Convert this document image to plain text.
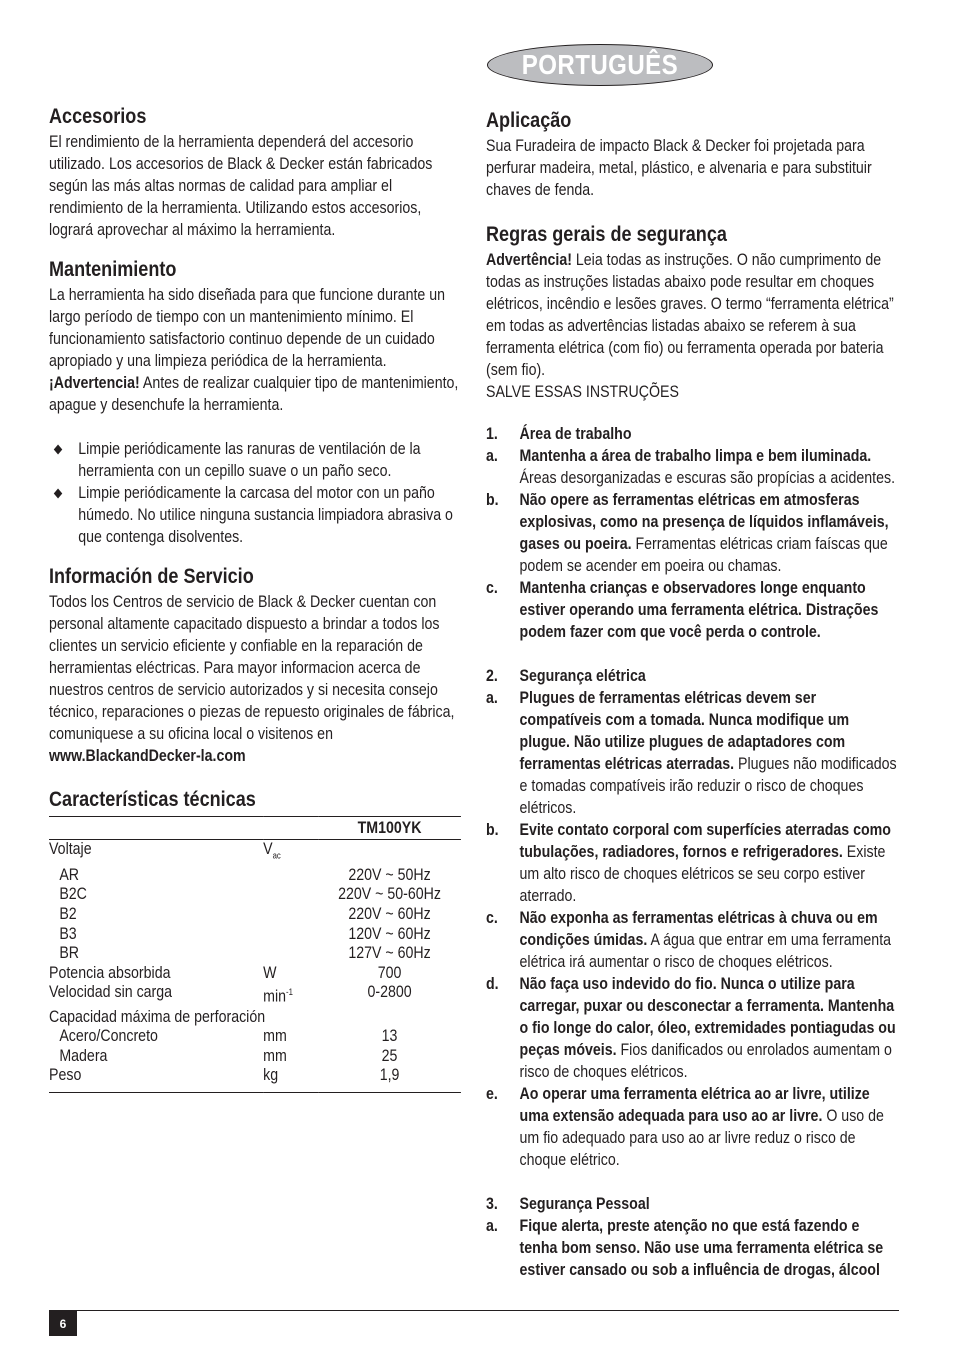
PORTUGUÊS
Accesorios

El rendimiento de la herramienta dependerá del accesorio utilizado. Los accesorios de Black & Decker están fabricados según las más altas normas de calidad para ampliar el rendimiento de la herramienta. Utilizando estos accesorios, logrará aprovechar al máximo la herramienta.

Mantenimiento

La herramienta ha sido diseñada para que funcione durante un largo período de tiempo con un mantenimiento mínimo. El funcionamiento satisfactorio continuo depende de un cuidado apropiado y una limpieza periódica de la herramienta.

¡Advertencia! Antes de realizar cualquier tipo de mantenimiento, apague y desenchufe la herramienta.

Limpie periódicamente las ranuras de ventilación de la herramienta con un cepillo suave o un paño seco.
Limpie periódicamente la carcasa del motor con un paño húmedo. No utilice ninguna sustancia limpiadora abrasiva o que contenga disolventes.
Información de Servicio

Todos los Centros de servicio de Black & Decker cuentan con personal altamente capacitado dispuesto a brindar a todos los clientes un servicio eficiente y confiable en la reparación de herramientas eléctricas. Para mayor informacion acerca de nuestros centros de servicio autorizados y si necesita consejo técnico, reparaciones o piezas de repuesto originales de fábrica, comuniquese a su oficina local o visitenos en

www.BlackandDecker-la.com

Características técnicas
		TM100YK
Voltaje	$V_{ac}$	
AR		220V ~ 50Hz
B2C		220V ~ 50-60Hz
B2		220V ~ 60Hz
B3		120V ~ 60Hz
BR		127V ~ 60Hz
Potencia absorbida	W	700
Velocidad sin carga	$\min^{-1}$	0-2800
Capacidad máxima de perforación		
Acero/Concreto	mm	13
Madera	mm	25
Peso	kg	1,9
Aplicação

Sua Furadeira de impacto Black & Decker foi projetada para perfurar madeira, metal, plástico, e alvenaria e para substituir chaves de fenda.

Regras gerais de segurança

Advertência! Leia todas as instruções. O não cumprimento de todas as instruções listadas abaixo pode resultar em choques elétricos, incêndio e lesões graves. O termo “ferramenta elétrica” em todas as advertências listadas abaixo se referem à sua ferramenta elétrica (com fio) ou ferramenta operada por bateria (sem fio).

SALVE ESSAS INSTRUÇÕES

1. Área de trabalho
a. Mantenha a área de trabalho limpa e bem iluminada. Áreas desorganizadas e escuras são propícias a acidentes.
b. Não opere as ferramentas elétricas em atmosferas explosivas, como na presença de líquidos inflamáveis, gases ou poeira. Ferramentas elétricas criam faíscas que podem se acender em poeira ou chamas.
c. Mantenha crianças e observadores longe enquanto estiver operando uma ferramenta elétrica. Distrações podem fazer com que você perda o controle.
2. Segurança elétrica
a. Plugues de ferramentas elétricas devem ser compatíveis com a tomada. Nunca modifique um plugue. Não utilize plugues de adaptadores com ferramentas elétricas aterradas. Plugues não modificados e tomadas compatíveis irão reduzir o risco de choques elétricos.
b. Evite contato corporal com superfícies aterradas como tubulações, radiadores, fornos e refrigeradores. Existe um alto risco de choques elétricos se seu corpo estiver aterrado.
c. Não exponha as ferramentas elétricas à chuva ou em condições úmidas. A água que entrar em uma ferramenta elétrica irá aumentar o risco de choques elétricos.
d. Não faça uso indevido do fio. Nunca o utilize para carregar, puxar ou desconectar a ferramenta. Mantenha o fio longe do calor, óleo, extremidades pontiagudas ou peças móveis. Fios danificados ou enrolados aumentam o risco de choques elétricos.
e. Ao operar uma ferramenta elétrica ao ar livre, utilize uma extensão adequada para uso ao ar livre. O uso de um fio adequado para uso ao ar livre reduz o risco de choque elétrico.
3. Segurança Pessoal
a. Fique alerta, preste atenção no que está fazendo e tenha bom senso. Não use uma ferramenta elétrica se estiver cansado ou sob a influência de drogas, álcool
6
